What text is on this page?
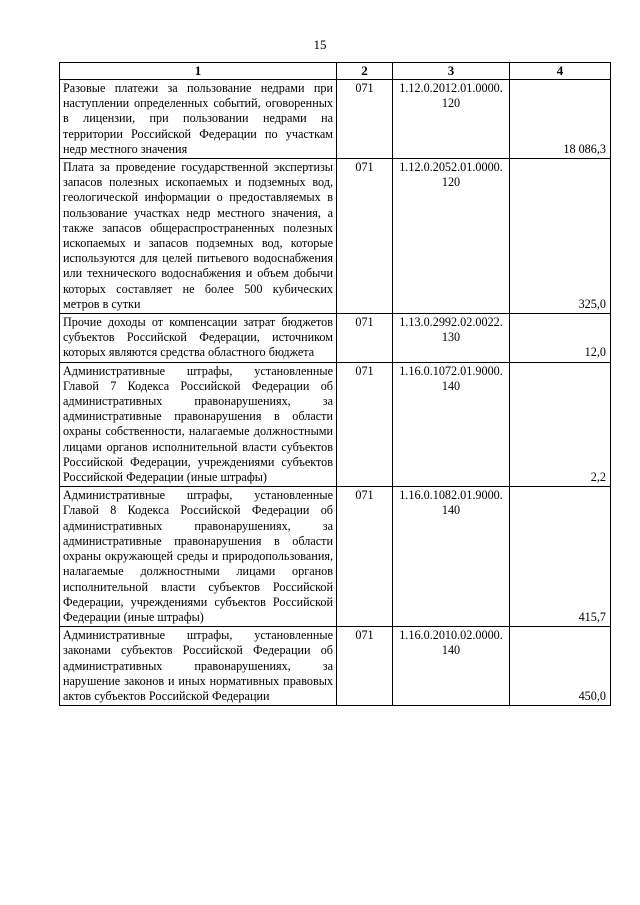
15
1	2	3	4
Разовые платежи за пользование недрами при наступлении определенных событий, оговоренных в лицензии, при пользовании недрами на территории Российской Федерации по участкам недр местного значения	071	1.12.0.2012.01.0000. 120	18 086,3
Плата за проведение государственной экспертизы запасов полезных ископаемых и подземных вод, геологической информации о предоставляемых в пользование участках недр местного значения, а также запасов общераспространенных полезных ископаемых и запасов подземных вод, которые используются для целей питьевого водоснабжения или технического водоснабжения и объем добычи которых составляет не более 500 кубических метров в сутки	071	1.12.0.2052.01.0000. 120	325,0
Прочие доходы от компенсации затрат бюджетов субъектов Российской Федерации, источником которых являются средства областного бюджета	071	1.13.0.2992.02.0022. 130	12,0
Административные штрафы, установленные Главой 7 Кодекса Российской Федерации об административных правонарушениях, за административные правонарушения в области охраны собственности, налагаемые должностными лицами органов исполнительной власти субъектов Российской Федерации, учреждениями субъектов Российской Федерации (иные штрафы)	071	1.16.0.1072.01.9000. 140	2,2
Административные штрафы, установленные Главой 8 Кодекса Российской Федерации об административных правонарушениях, за административные правонарушения в области охраны окружающей среды и природопользования, налагаемые должностными лицами органов исполнительной власти субъектов Российской Федерации, учреждениями субъектов Российской Федерации (иные штрафы)	071	1.16.0.1082.01.9000. 140	415,7
Административные штрафы, установленные законами субъектов Российской Федерации об административных правонарушениях, за нарушение законов и иных нормативных правовых актов субъектов Российской Федерации	071	1.16.0.2010.02.0000. 140	450,0
